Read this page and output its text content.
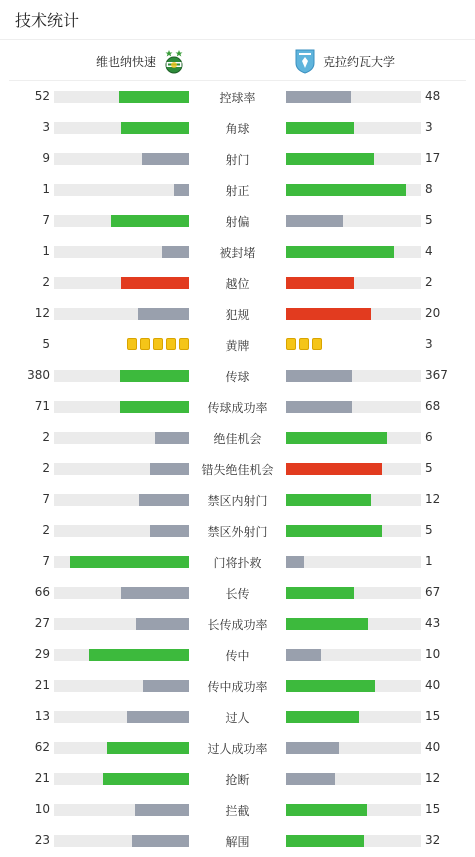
技术统计
维也纳快速	克拉约瓦大学
52	控球率	48
3	角球	3
9	射门	17
1	射正	8
7	射偏	5
1	被封堵	4
2	越位	2
12	犯规	20
5	黄牌	3
380	传球	367
71	传球成功率	68
2	绝佳机会	6
2	错失绝佳机会	5
7	禁区内射门	12
2	禁区外射门	5
7	门将扑救	1
66	长传	67
27	长传成功率	43
29	传中	10
21	传中成功率	40
13	过人	15
62	过人成功率	40
21	抢断	12
10	拦截	15
23	解围	32
